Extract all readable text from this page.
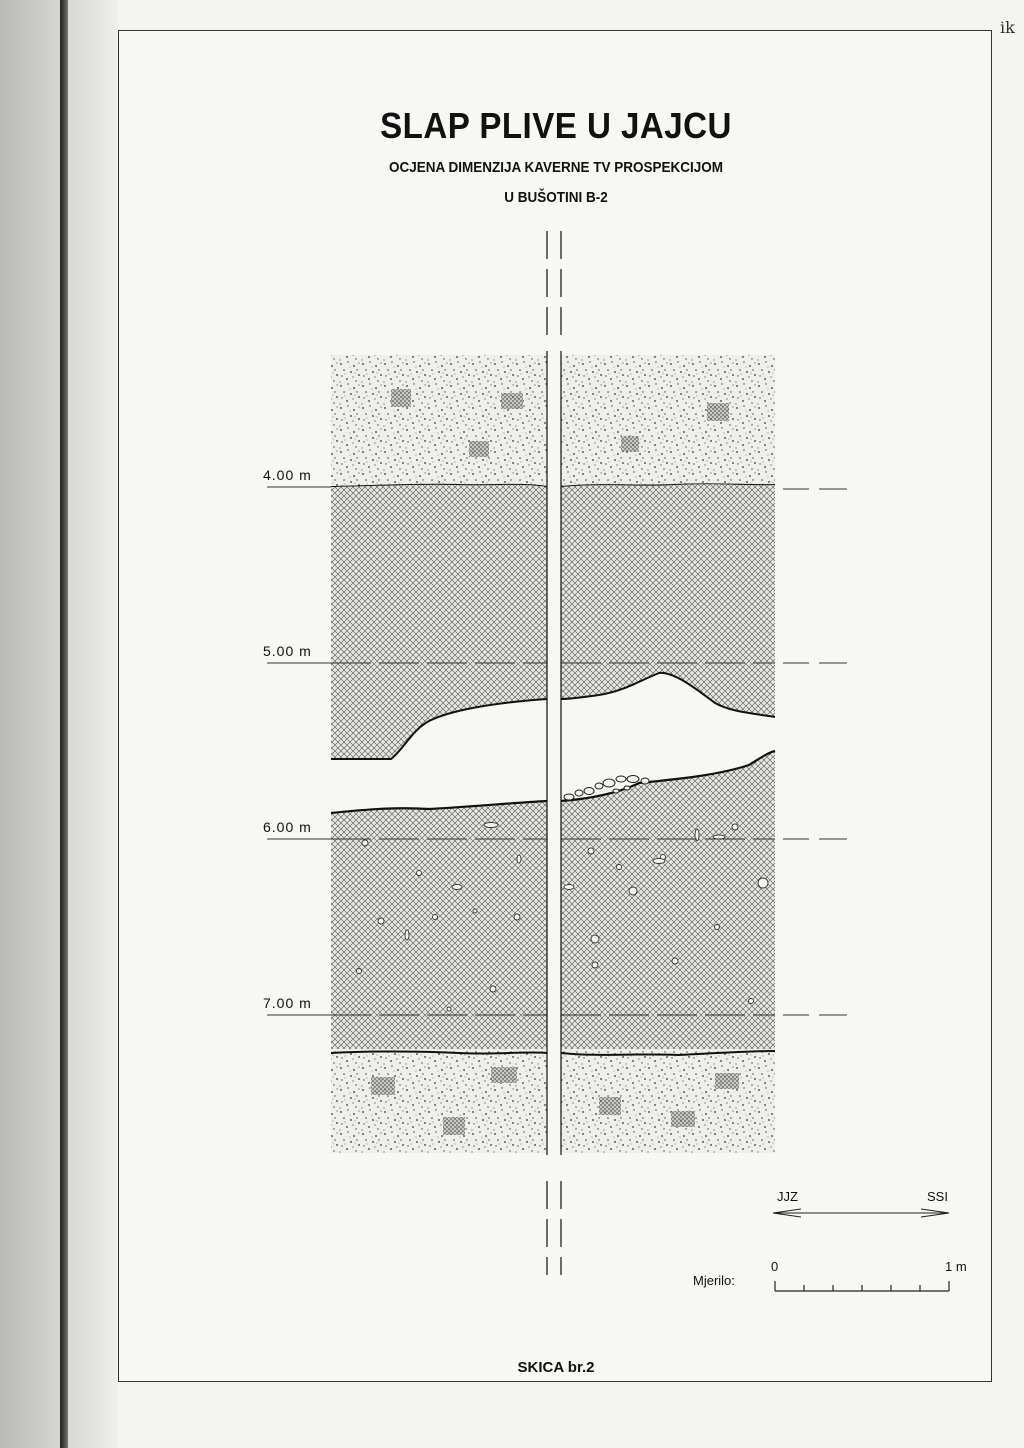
ik
SLAP PLIVE U JAJCU
OCJENA DIMENZIJA KAVERNE TV PROSPEKCIJOM
U BUŠOTINI B-2
4.00 m
5.00 m
6.00 m
7.00 m
JJZ	SSI
Mjerilo:
0	1 m
SKICA br.2
